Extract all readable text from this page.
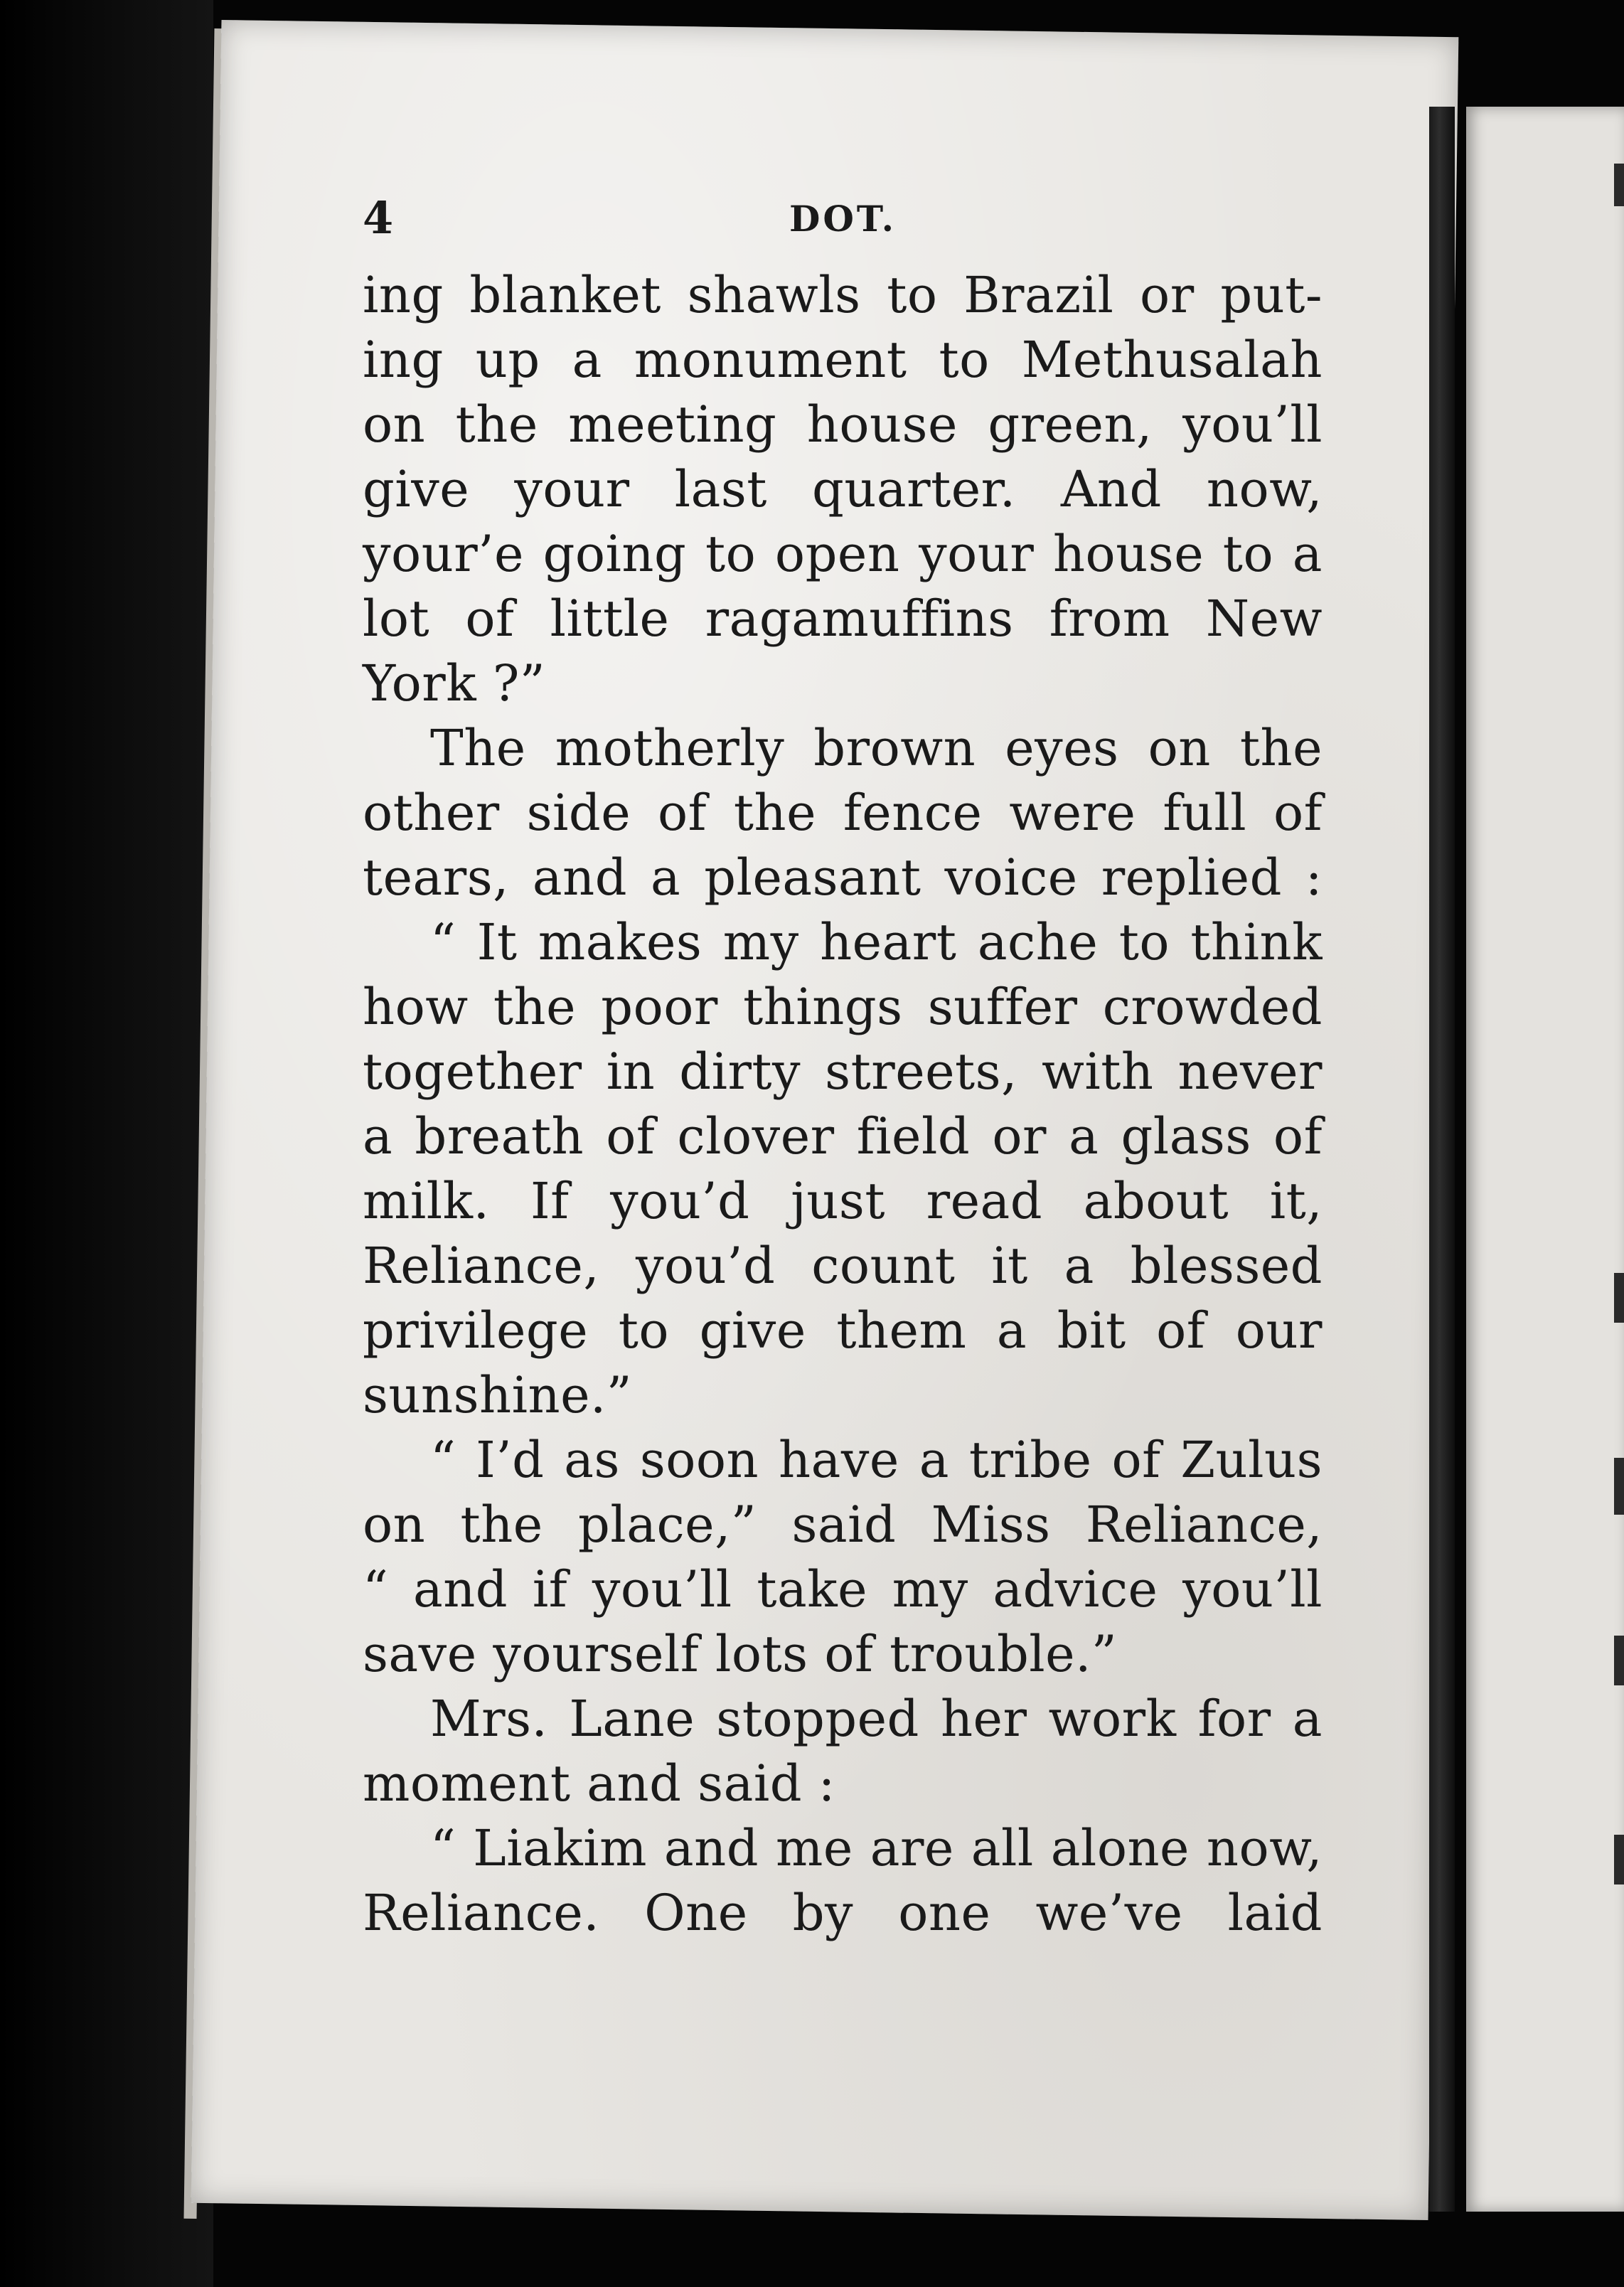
4	DOT.
ing blanket shawls to Brazil or put-
ing up a monument to Methusalah
on the meeting house green, you’ll
give your last quarter. And now,
your’e going to open your house to a
lot of little ragamuffins from New
York ?”
The motherly brown eyes on the
other side of the fence were full of
tears, and a pleasant voice replied :
“ It makes my heart ache to think
how the poor things suffer crowded
together in dirty streets, with never
a breath of clover field or a glass of
milk. If you’d just read about it,
Reliance, you’d count it a blessed
privilege to give them a bit of our
sunshine.”
“ I’d as soon have a tribe of Zulus
on the place,” said Miss Reliance,
“ and if you’ll take my advice you’ll
save yourself lots of trouble.”
Mrs. Lane stopped her work for a
moment and said :
“ Liakim and me are all alone now,
Reliance. One by one we’ve laid
